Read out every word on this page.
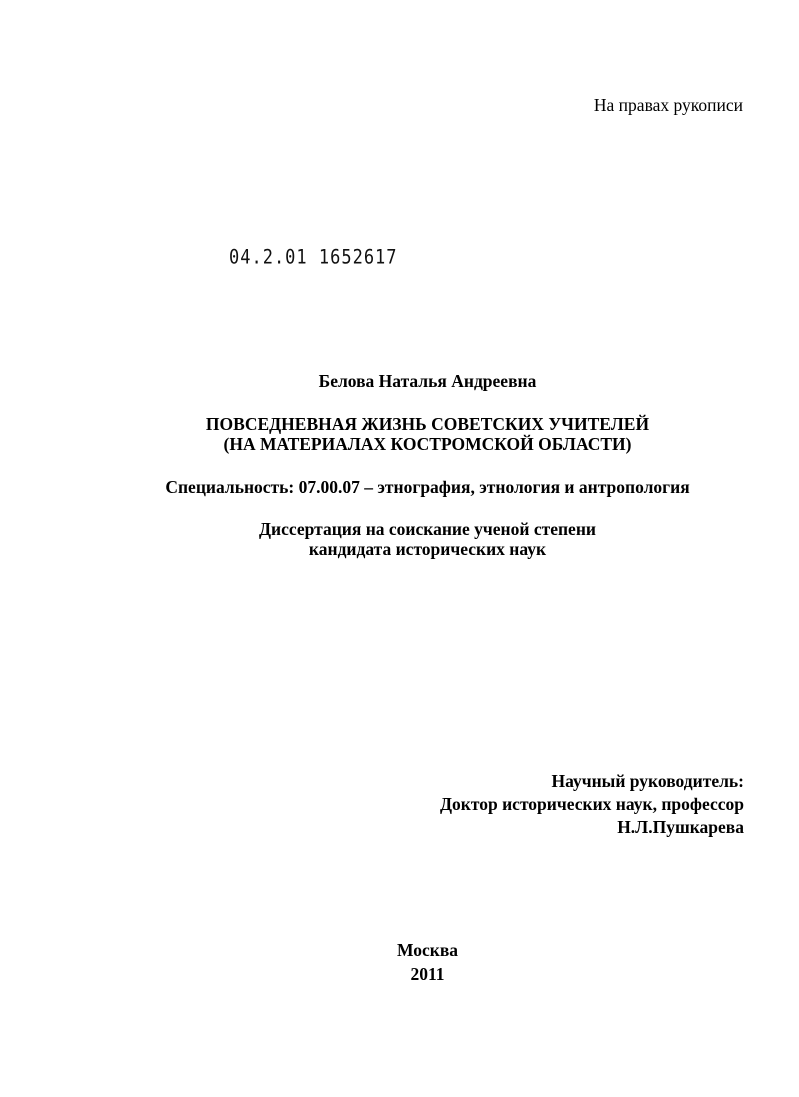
На правах рукописи
04.2.01 1652617
Белова Наталья Андреевна
ПОВСЕДНЕВНАЯ ЖИЗНЬ СОВЕТСКИХ УЧИТЕЛЕЙ
(НА МАТЕРИАЛАХ КОСТРОМСКОЙ ОБЛАСТИ)
Специальность: 07.00.07 – этнография, этнология и антропология
Диссертация на соискание ученой степени
кандидата исторических наук
Научный руководитель:
Доктор исторических наук, профессор
Н.Л.Пушкарева
Москва
2011
